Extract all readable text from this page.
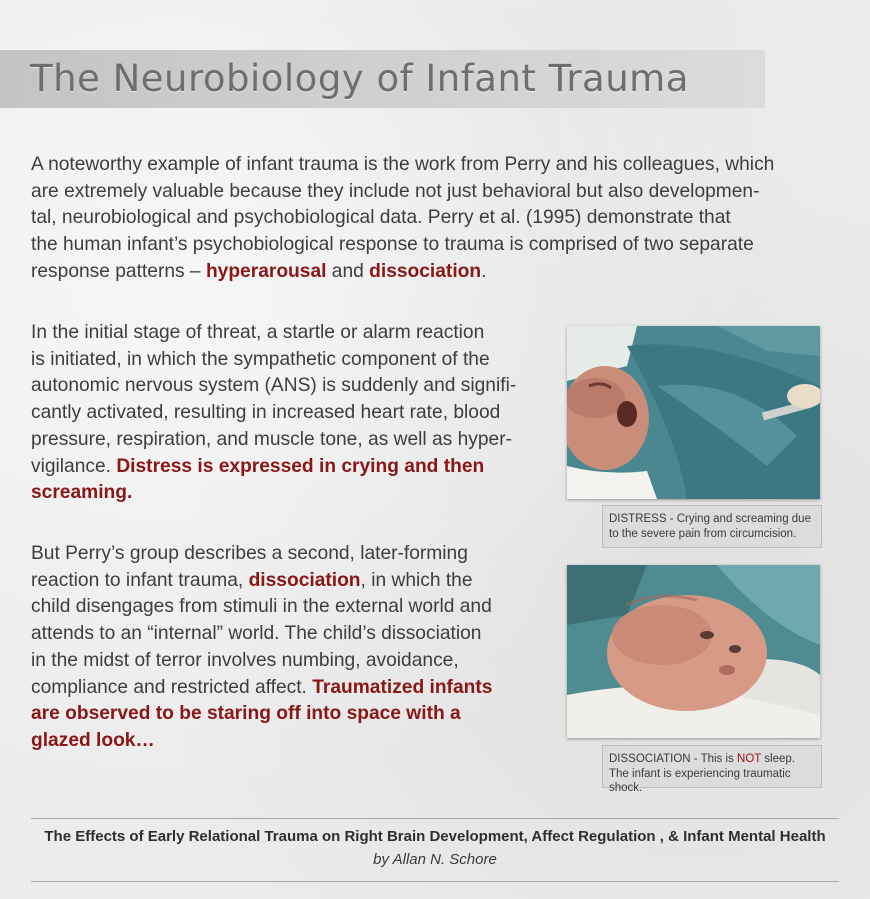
The Neurobiology of Infant Trauma
A noteworthy example of infant trauma is the work from Perry and his colleagues, which
are extremely valuable because they include not just behavioral but also developmen-
tal, neurobiological and psychobiological data. Perry et al. (1995) demonstrate that
the human infant’s psychobiological response to trauma is comprised of two separate
response patterns – hyperarousal and dissociation.
In the initial stage of threat, a startle or alarm reaction
is initiated, in which the sympathetic component of the
autonomic nervous system (ANS) is suddenly and signifi-
cantly activated, resulting in increased heart rate, blood
pressure, respiration, and muscle tone, as well as hyper-
vigilance. Distress is expressed in crying and then
screaming.
But Perry’s group describes a second, later-forming
reaction to infant trauma, dissociation, in which the
child disengages from stimuli in the external world and
attends to an “internal” world. The child’s dissociation
in the midst of terror involves numbing, avoidance,
compliance and restricted affect. Traumatized infants
are observed to be staring off into space with a
glazed look…
DISTRESS - Crying and screaming due to the severe pain from circumcision.
DISSOCIATION - This is NOT sleep. The infant is experiencing traumatic shock.

The Effects of Early Relational Trauma on Right Brain Development, Affect Regulation , & Infant Mental Health

by Allan N. Schore
